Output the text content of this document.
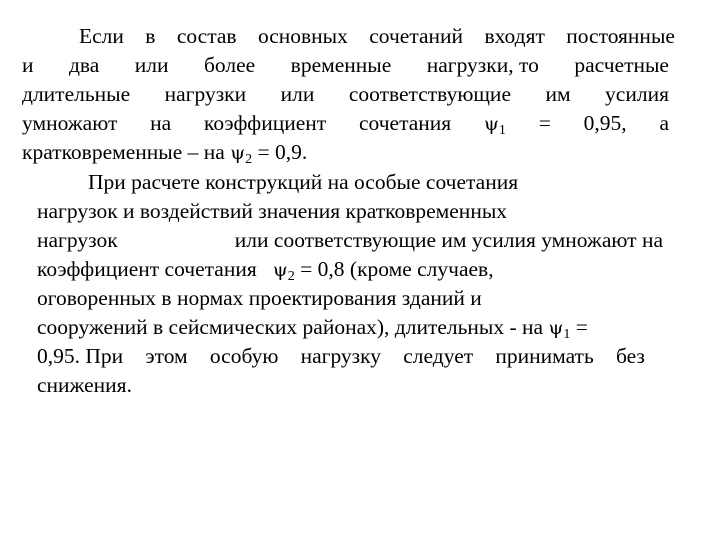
Если в состав основных сочетаний входят постоянные
и два или более временные нагрузки, то расчетные
длительные нагрузки или соответствующие им усилия
умножают на коэффициент сочетания $\psi_1 = 0,95$, а
кратковременные – на $\psi_2 = 0,9$.
При расчете конструкций на особые сочетания
нагрузок и воздействий значения кратковременных
нагрузок	или соответствующие им усилия умножают на
коэффициент сочетания   $\psi_2 = 0,8$ (кроме случаев,
оговоренных в нормах проектирования зданий и
сооружений в сейсмических районах), длительных - на $\psi_1$ =
0,95. При этом особую нагрузку следует принимать без
снижения.
